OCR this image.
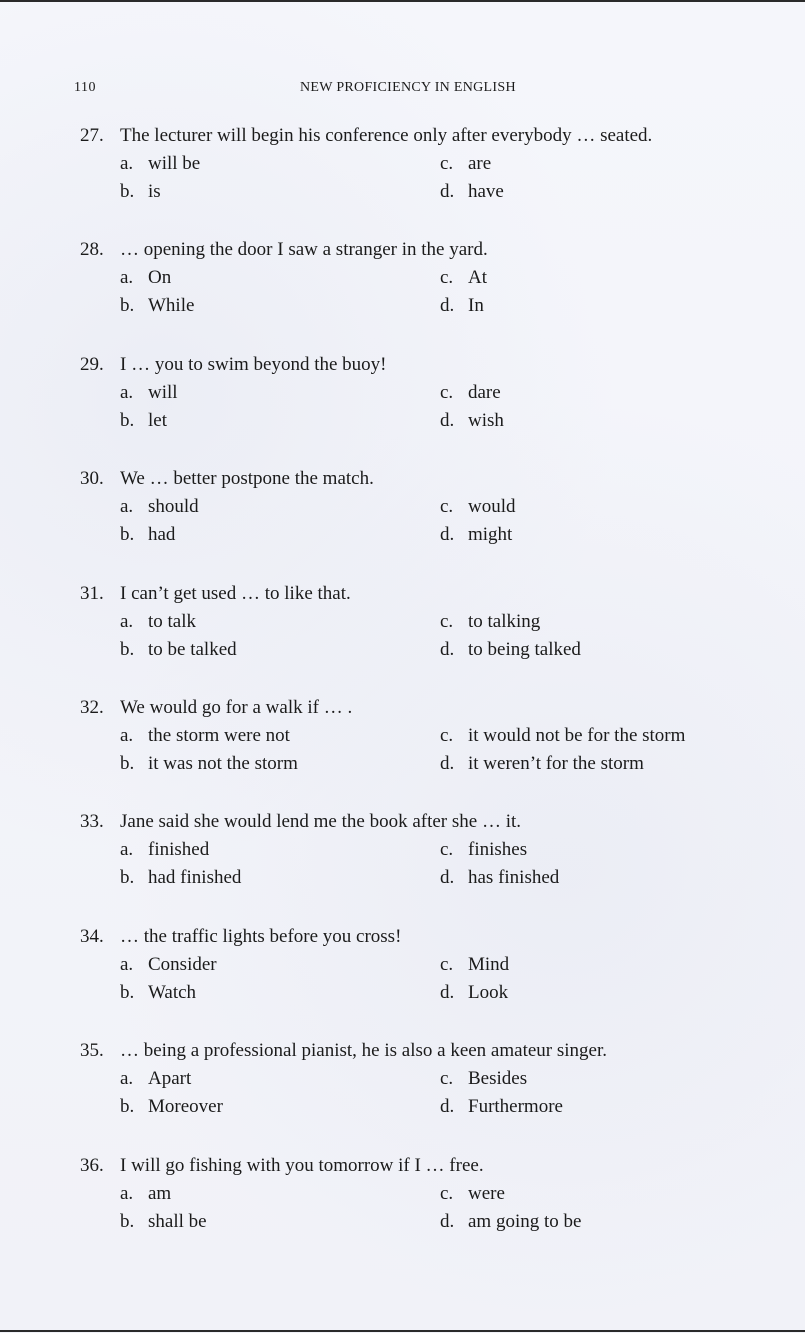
110	NEW PROFICIENCY IN ENGLISH
27. The lecturer will begin his conference only after everybody … seated.
a. will be	c. are
b. is	d. have
28. … opening the door I saw a stranger in the yard.
a. On	c. At
b. While	d. In
29. I … you to swim beyond the buoy!
a. will	c. dare
b. let	d. wish
30. We … better postpone the match.
a. should	c. would
b. had	d. might
31. I can’t get used … to like that.
a. to talk	c. to talking
b. to be talked	d. to being talked
32. We would go for a walk if … .
a. the storm were not	c. it would not be for the storm
b. it was not the storm	d. it weren’t for the storm
33. Jane said she would lend me the book after she … it.
a. finished	c. finishes
b. had finished	d. has finished
34. … the traffic lights before you cross!
a. Consider	c. Mind
b. Watch	d. Look
35. … being a professional pianist, he is also a keen amateur singer.
a. Apart	c. Besides
b. Moreover	d. Furthermore
36. I will go fishing with you tomorrow if I … free.
a. am	c. were
b. shall be	d. am going to be
